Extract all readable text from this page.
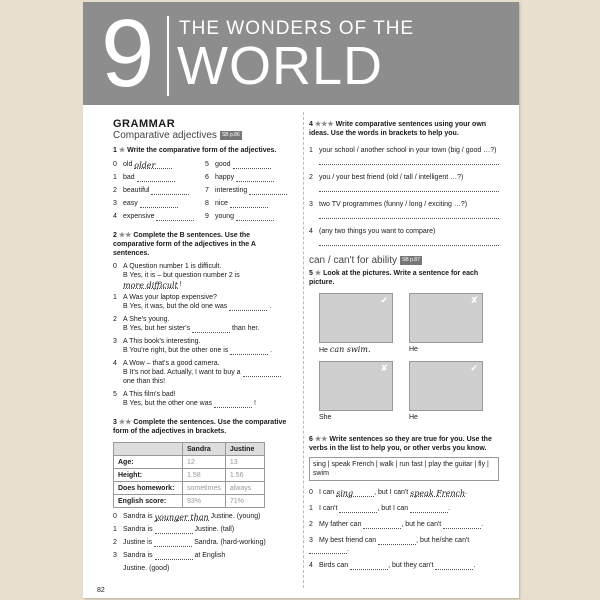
9 THE WONDERS OF THE
WORLD
GRAMMAR
Comparative adjectives SB p.86
1 ★ Write the comparative form of the adjectives.
0 old older	5 good
1 bad	6 happy
2 beautiful	7 interesting
3 easy	8 nice
4 expensive	9 young
2 ★★ Complete the B sentences. Use the comparative form of the adjectives in the A sentences.
0 A Question number 1 is difficult.
B Yes, it is – but question number 2 is more difficult !
1 A Was your laptop expensive?
B Yes, it was, but the old one was	.
2 A She's young.
B Yes, but her sister's	than her.
3 A This book's interesting.
B You're right, but the other one is	.
4 A Wow – that's a good camera.
B It's not bad. Actually, I want to buy a  one than this!
5 A This film's bad!
B Yes, but the other one was	!
3 ★★ Complete the sentences. Use the comparative form of the adjectives in brackets.
	Sandra	Justine
Age:	12	13
Height:	1.58	1.56
Does homework:	sometimes	always
English score:	93%	71%
0 Sandra is younger than Justine. (young)
1 Sandra is	Justine. (tall)
2 Justine is	Sandra. (hard-working)
3 Sandra is	at English
Justine. (good)
4 ★★★ Write comparative sentences using your own ideas. Use the words in brackets to help you.
1 your school / another school in your town (big / good …?)
2 you / your best friend (old / tall / intelligent …?)
3 two TV programmes (funny / long / exciting …?)
4 (any two things you want to compare)
can / can't for ability SB p.87
5 ★ Look at the pictures. Write a sentence for each picture.
✔	✘
He can swim.	He
✘	✔
She	He
6 ★★ Write sentences so they are true for you. Use the verbs in the list to help you, or other verbs you know.
sing | speak French | walk | run fast | play the guitar | fly | swim
0 I can sing	, but I can't speak French.
1 I can't	, but I can	.
2 My father can	, but he can't	.
3 My best friend can	, but he/she can't .
4 Birds can	, but they can't	.
82
